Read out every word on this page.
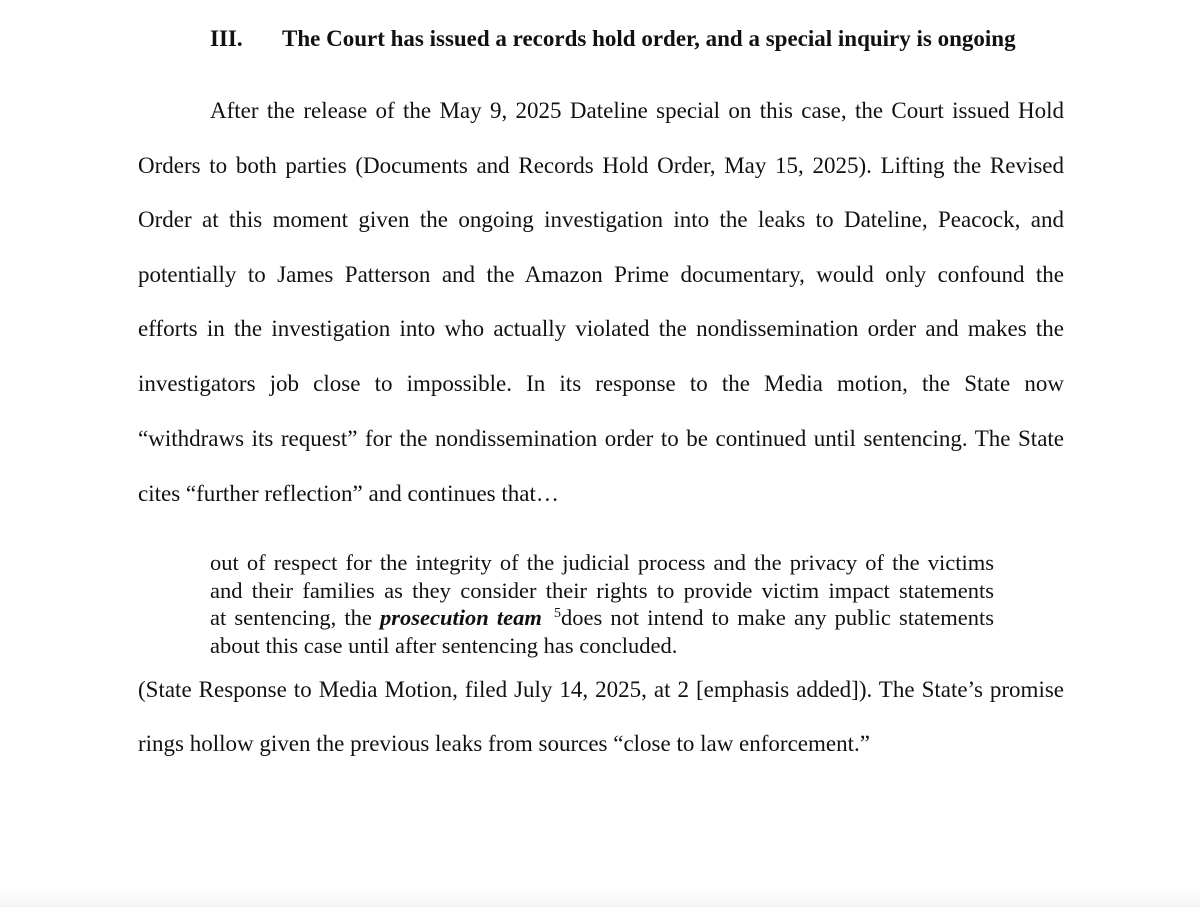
III. The Court has issued a records hold order, and a special inquiry is ongoing
After the release of the May 9, 2025 Dateline special on this case, the Court issued Hold
Orders to both parties (Documents and Records Hold Order, May 15, 2025). Lifting the Revised
Order at this moment given the ongoing investigation into the leaks to Dateline, Peacock, and
potentially to James Patterson and the Amazon Prime documentary, would only confound the
efforts in the investigation into who actually violated the nondissemination order and makes the
investigators job close to impossible. In its response to the Media motion, the State now
“withdraws its request” for the nondissemination order to be continued until sentencing. The State
cites “further reflection” and continues that…
out of respect for the integrity of the judicial process and the privacy of the victims
and their families as they consider their rights to provide victim impact statements
at sentencing, the prosecution team $^5$does not intend to make any public statements
about this case until after sentencing has concluded.
(State Response to Media Motion, filed July 14, 2025, at 2 [emphasis added]). The State’s promise
rings hollow given the previous leaks from sources “close to law enforcement.”
